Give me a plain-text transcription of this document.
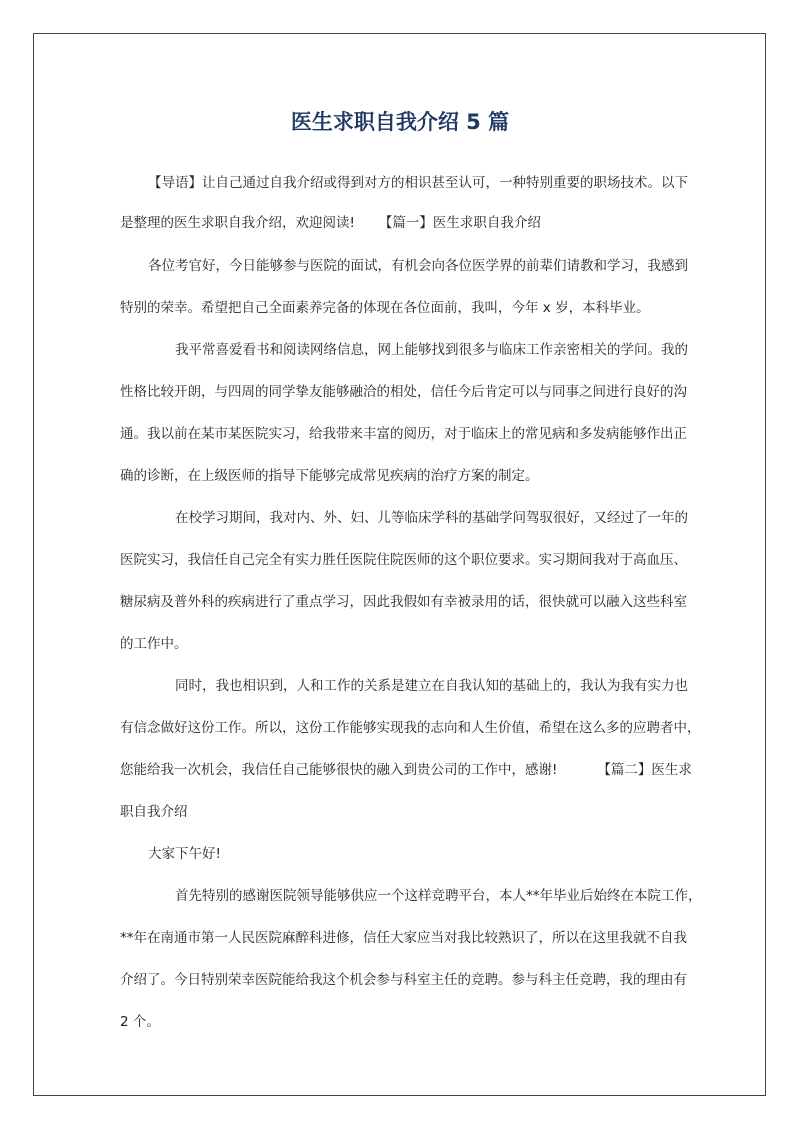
医生求职自我介绍 5 篇
【导语】让自己通过自我介绍或得到对方的相识甚至认可，一种特别重要的职场技术。以下
是整理的医生求职自我介绍，欢迎阅读! 【篇一】医生求职自我介绍
各位考官好，今日能够参与医院的面试，有机会向各位医学界的前辈们请教和学习，我感到
特别的荣幸。希望把自己全面素养完备的体现在各位面前，我叫，今年 x 岁，本科毕业。
我平常喜爱看书和阅读网络信息，网上能够找到很多与临床工作亲密相关的学问。我的
性格比较开朗，与四周的同学挚友能够融洽的相处，信任今后肯定可以与同事之间进行良好的沟
通。我以前在某市某医院实习，给我带来丰富的阅历，对于临床上的常见病和多发病能够作出正
确的诊断，在上级医师的指导下能够完成常见疾病的治疗方案的制定。
在校学习期间，我对内、外、妇、儿等临床学科的基础学问驾驭很好，又经过了一年的
医院实习，我信任自己完全有实力胜任医院住院医师的这个职位要求。实习期间我对于高血压、
糖尿病及普外科的疾病进行了重点学习，因此我假如有幸被录用的话，很快就可以融入这些科室
的工作中。
同时，我也相识到，人和工作的关系是建立在自我认知的基础上的，我认为我有实力也
有信念做好这份工作。所以，这份工作能够实现我的志向和人生价值，希望在这么多的应聘者中，
您能给我一次机会，我信任自己能够很快的融入到贵公司的工作中，感谢!	【篇二】医生求
职自我介绍
大家下午好!
首先特别的感谢医院领导能够供应一个这样竞聘平台，本人**年毕业后始终在本院工作，
**年在南通市第一人民医院麻醉科进修，信任大家应当对我比较熟识了，所以在这里我就不自我
介绍了。今日特别荣幸医院能给我这个机会参与科室主任的竞聘。参与科主任竞聘，我的理由有
2 个。
